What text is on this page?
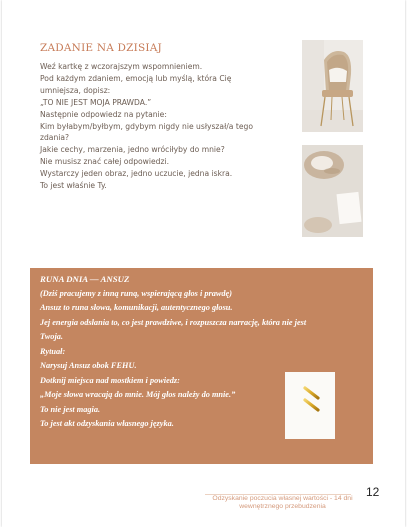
ZADANIE NA DZISIAJ
Weź kartkę z wczorajszym wspomnieniem.
Pod każdym zdaniem, emocją lub myślą, która Cię
umniejsza, dopisz:
„TO NIE JEST MOJA PRAWDA.”
Następnie odpowiedz na pytanie:
Kim byłabym/byłbym, gdybym nigdy nie usłyszał/a tego
zdania?
Jakie cechy, marzenia, jedno wróciłyby do mnie?
Nie musisz znać całej odpowiedzi.
Wystarczy jeden obraz, jedno uczucie, jedna iskra.
To jest właśnie Ty.
RUNA DNIA — ANSUZ
(Dziś pracujemy z inną runą, wspierającą głos i prawdę)
Ansuz to runa słowa, komunikacji, autentycznego głosu.
Jej energia odsłania to, co jest prawdziwe, i rozpuszcza narrację, która nie jest
Twoja.
Rytuał:
Narysuj Ansuz obok FEHU.
Dotknij miejsca nad mostkiem i powiedz:
„Moje słowa wracają do mnie. Mój głos należy do mnie.”
To nie jest magia.
To jest akt odzyskania własnego języka.
Odzyskanie poczucia własnej wartości - 14 dni
wewnętrznego przebudzenia
12
